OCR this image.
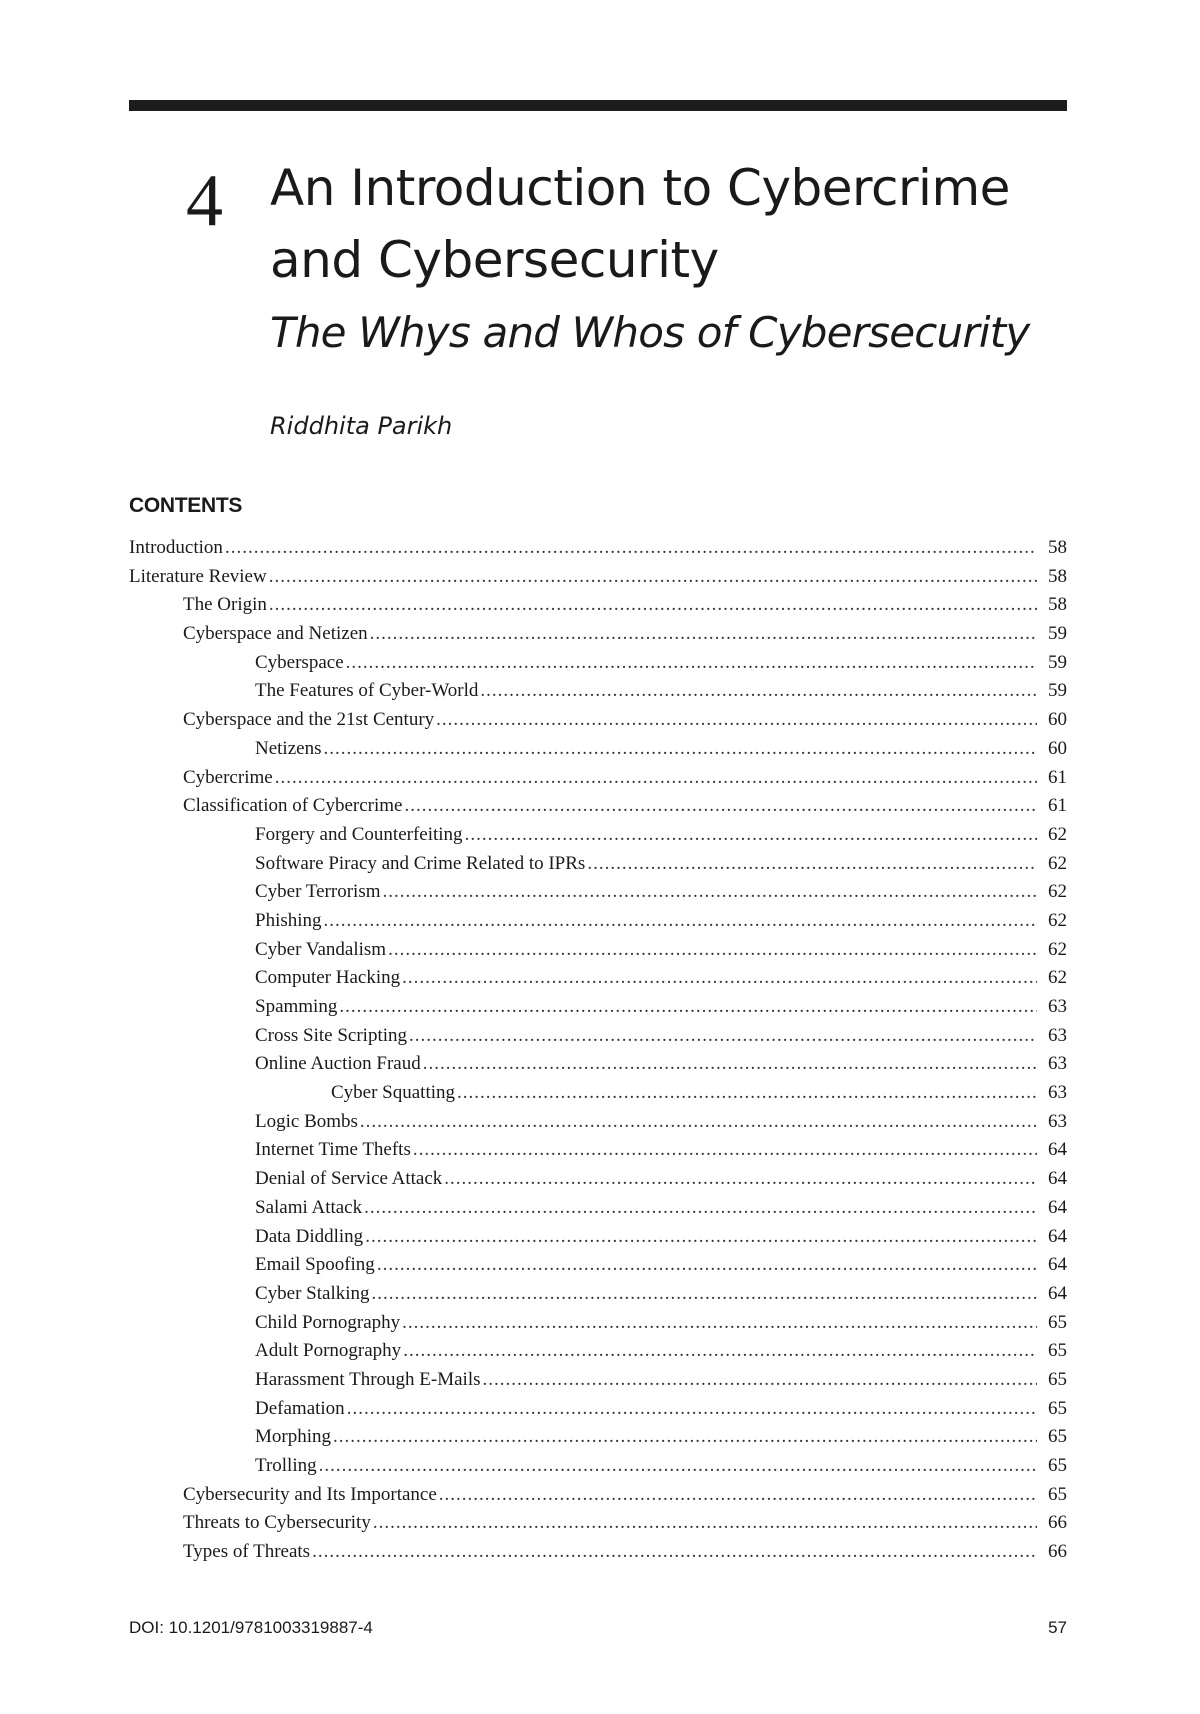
4 An Introduction to Cybercrime
and Cybersecurity
The Whys and Whos of Cybersecurity
Riddhita Parikh
CONTENTS
Introduction .....	58
Literature Review .....	58
The Origin .....	58
Cyberspace and Netizen .....	59
Cyberspace .....	59
The Features of Cyber-World .....	59
Cyberspace and the 21st Century .....	60
Netizens .....	60
Cybercrime .....	61
Classification of Cybercrime .....	61
Forgery and Counterfeiting .....	62
Software Piracy and Crime Related to IPRs .....	62
Cyber Terrorism .....	62
Phishing .....	62
Cyber Vandalism .....	62
Computer Hacking .....	62
Spamming .....	63
Cross Site Scripting .....	63
Online Auction Fraud .....	63
Cyber Squatting .....	63
Logic Bombs .....	63
Internet Time Thefts .....	64
Denial of Service Attack .....	64
Salami Attack .....	64
Data Diddling .....	64
Email Spoofing .....	64
Cyber Stalking .....	64
Child Pornography .....	65
Adult Pornography .....	65
Harassment Through E-Mails .....	65
Defamation .....	65
Morphing .....	65
Trolling .....	65
Cybersecurity and Its Importance .....	65
Threats to Cybersecurity .....	66
Types of Threats .....	66
DOI: 10.1201/9781003319887-4	57
